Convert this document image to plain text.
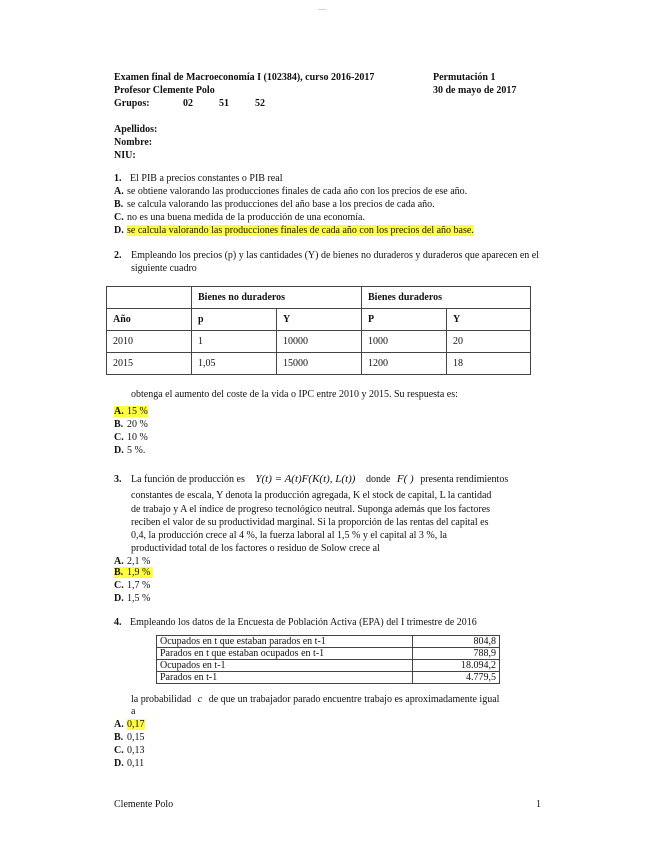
__
Examen final de Macroeconomía I (102384), curso 2016-2017	Permutación 1
Profesor Clemente Polo	30 de mayo de 2017
Grupos:	02	51	52
Apellidos:
Nombre:
NIU:
1. El PIB a precios constantes o PIB real
A. se obtiene valorando las producciones finales de cada año con los precios de ese año.
B. se calcula valorando las producciones del año base a los precios de cada año.
C. no es una buena medida de la producción de una economía.
D. se calcula valorando las producciones finales de cada año con los precios del año base.
2. Empleando los precios (p) y las cantidades (Y) de bienes no duraderos y duraderos que aparecen en el siguiente cuadro
	Bienes no duraderos		Bienes duraderos	
Año	p	Y	P	Y
2010	1	10000	1000	20
2015	1,05	15000	1200	18
obtenga el aumento del coste de la vida o IPC entre 2010 y 2015. Su respuesta es:
A. 15 %
B. 20 %
C. 10 %
D. 5 %.
3. La función de producción es Y(t) = A(t)F(K(t), L(t)) donde F( ) presenta rendimientos
constantes de escala, Y denota la producción agregada, K el stock de capital, L la cantidad
de trabajo y A el índice de progreso tecnológico neutral. Suponga además que los factores
reciben el valor de su productividad marginal. Si la proporción de las rentas del capital es
0,4, la producción crece al 4 %, la fuerza laboral al 1,5 % y el capital al 3 %, la
productividad total de los factores o residuo de Solow crece al
A. 2,1 %
B. 1,9 %
C. 1,7 %
D. 1,5 %
4. Empleando los datos de la Encuesta de Población Activa (EPA) del I trimestre de 2016
Ocupados en t que estaban parados en t-1	804,8
Parados en t que estaban ocupados en t-1	788,9
Ocupados en t-1	18.094,2
Parados en t-1	4.779,5
la probabilidad c de que un trabajador parado encuentre trabajo es aproximadamente igual
a
A. 0,17
B. 0,15
C. 0,13
D. 0,11
Clemente Polo	1
